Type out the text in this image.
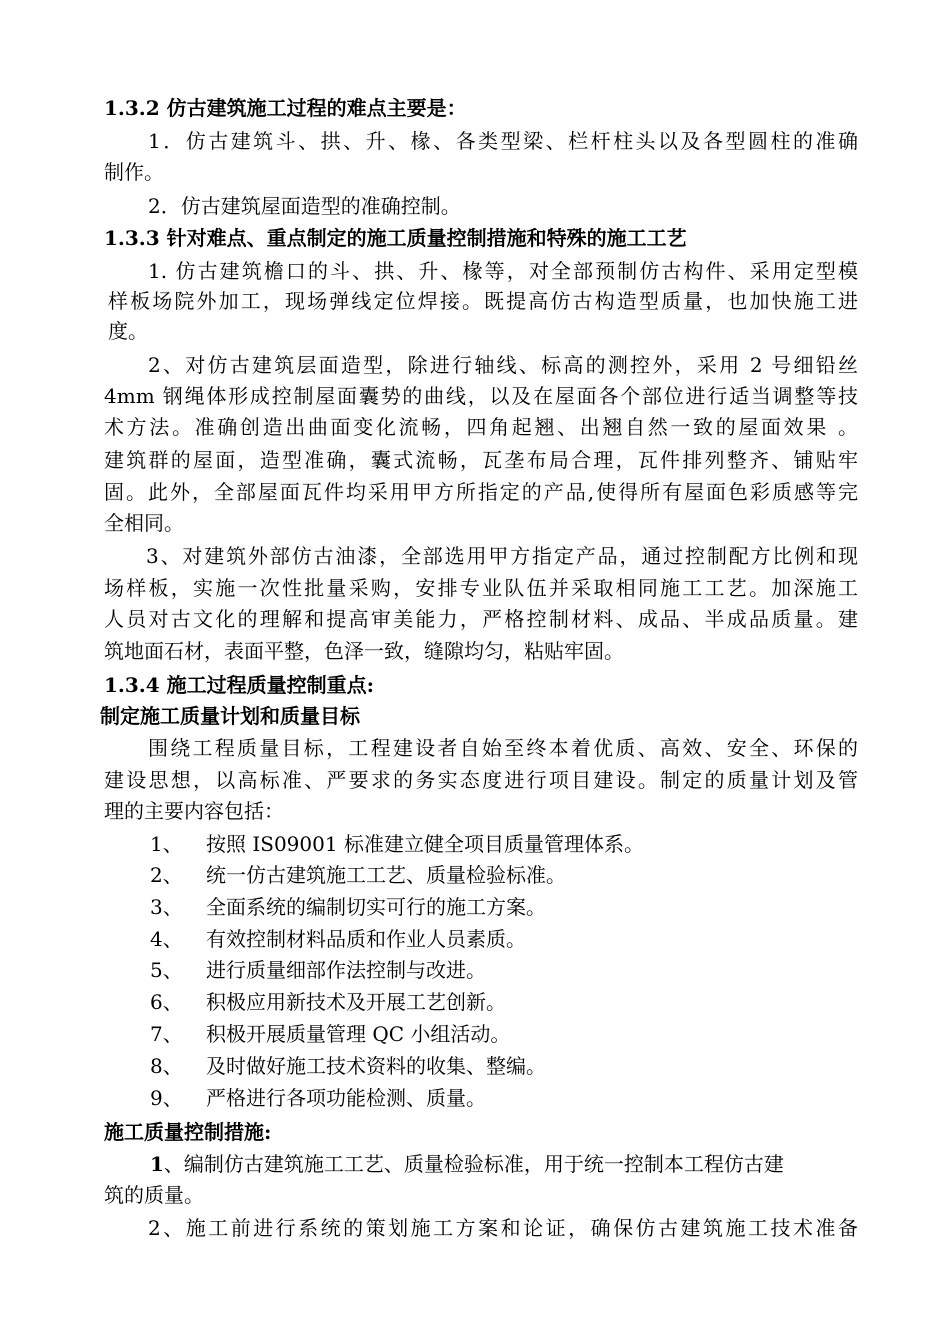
1.3.2 仿古建筑施工过程的难点主要是：
1．仿古建筑斗、拱、升、椽、各类型梁、栏杆柱头以及各型圆柱的准确
制作。
2．仿古建筑屋面造型的准确控制。
1.3.3 针对难点、重点制定的施工质量控制措施和特殊的施工工艺
1. 仿古建筑檐口的斗、拱、升、椽等，对全部预制仿古构件、采用定型模
样板场院外加工，现场弹线定位焊接。既提高仿古构造型质量，也加快施工进
度。
2、对仿古建筑层面造型，除进行轴线、标高的测控外，采用 2 号细铅丝
4mm 钢绳体形成控制屋面囊势的曲线，以及在屋面各个部位进行适当调整等技
术方法。准确创造出曲面变化流畅，四角起翘、出翘自然一致的屋面效果 。
建筑群的屋面，造型准确，囊式流畅，瓦垄布局合理，瓦件排列整齐、铺贴牢
固。此外，全部屋面瓦件均采用甲方所指定的产品,使得所有屋面色彩质感等完
全相同。
3、对建筑外部仿古油漆，全部选用甲方指定产品，通过控制配方比例和现
场样板，实施一次性批量采购，安排专业队伍并采取相同施工工艺。加深施工
人员对古文化的理解和提高审美能力，严格控制材料、成品、半成品质量。建
筑地面石材，表面平整，色泽一致，缝隙均匀，粘贴牢固。
1.3.4 施工过程质量控制重点:
制定施工质量计划和质量目标
围绕工程质量目标，工程建设者自始至终本着优质、高效、安全、环保的
建设思想，以高标准、严要求的务实态度进行项目建设。制定的质量计划及管
理的主要内容包括：
1、 按照 IS09001 标准建立健全项目质量管理体系。
2、 统一仿古建筑施工工艺、质量检验标准。
3、 全面系统的编制切实可行的施工方案。
4、 有效控制材料品质和作业人员素质。
5、 进行质量细部作法控制与改进。
6、 积极应用新技术及开展工艺创新。
7、 积极开展质量管理 QC 小组活动。
8、 及时做好施工技术资料的收集、整编。
9、 严格进行各项功能检测、质量。
施工质量控制措施:
1、编制仿古建筑施工工艺、质量检验标准，用于统一控制本工程仿古建
筑的质量。
2、施工前进行系统的策划施工方案和论证，确保仿古建筑施工技术准备
